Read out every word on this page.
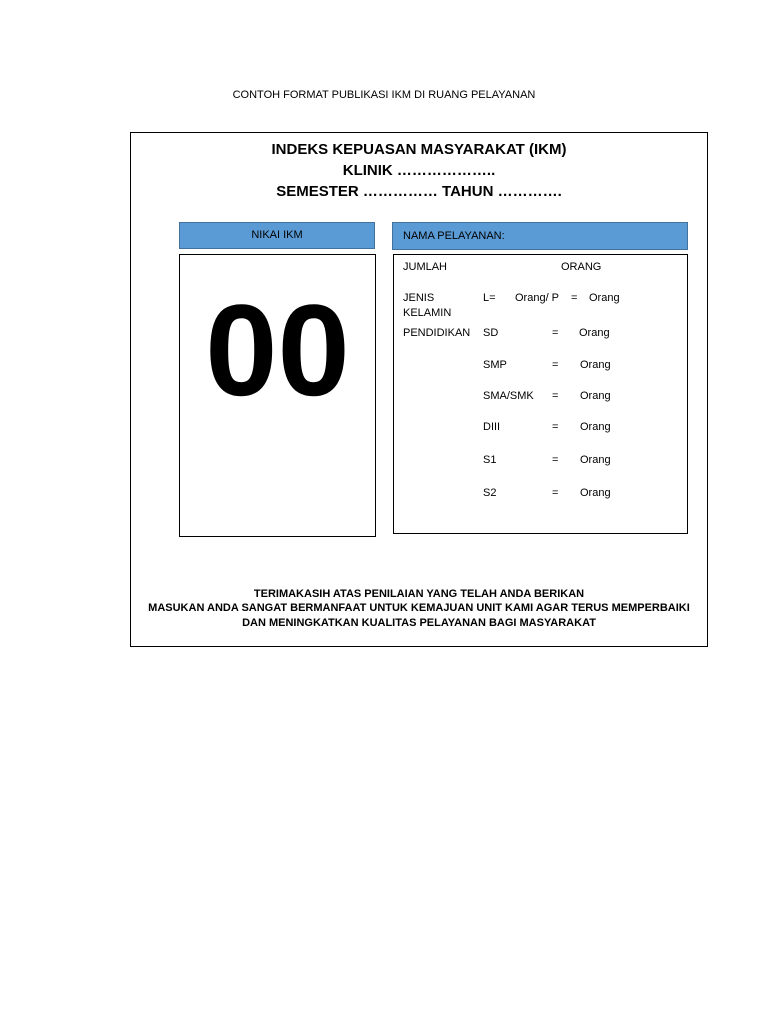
CONTOH FORMAT PUBLIKASI IKM DI RUANG PELAYANAN
INDEKS KEPUASAN MASYARAKAT (IKM)
KLINIK ………………..
SEMESTER …………… TAHUN ………….
NIKAI IKM	NAMA PELAYANAN:
00
JUMLAH	ORANG
JENIS
KELAMIN
L= Orang/ P = Orang
PENDIDIKAN SD	= Orang
SMP	= Orang
SMA/SMK = Orang
DIII	= Orang
S1	= Orang
S2	= Orang
TERIMAKASIH ATAS PENILAIAN YANG TELAH ANDA BERIKAN
MASUKAN ANDA SANGAT BERMANFAAT UNTUK KEMAJUAN UNIT KAMI AGAR TERUS MEMPERBAIKI
DAN MENINGKATKAN KUALITAS PELAYANAN BAGI MASYARAKAT
